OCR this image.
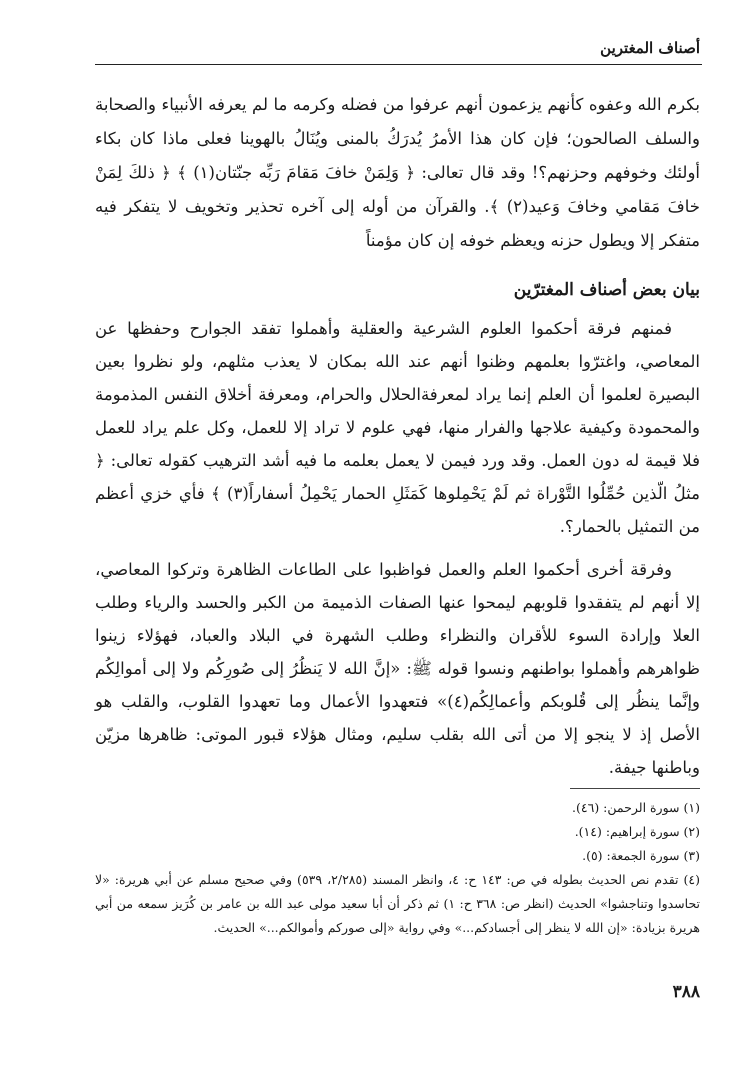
أصناف المغترين

بكرم الله وعفوه كأنهم يزعمون أنهم عرفوا من فضله وكرمه ما لم يعرفه الأنبياء والصحابة والسلف الصالحون؛ فإن كان هذا الأمرُ يُدرَكُ بالمنى ويُنَالُ بالهوينا فعلى ماذا كان بكاء أولئك وخوفهم وحزنهم؟! وقد قال تعالى: ﴿ وَلِمَنْ خافَ مَقامَ رَبِّه جنّتان(١) ﴾ ﴿ ذلكَ لِمَنْ خافَ مَقامي وخافَ وَعيد(٢) ﴾. والقرآن من أوله إلى آخره تحذير وتخويف لا يتفكر فيه متفكر إلا ويطول حزنه ويعظم خوفه إن كان مؤمناً

بيان بعض أصناف المغترّين

فمنهم فرقة أحكموا العلوم الشرعية والعقلية وأهملوا تفقد الجوارح وحفظها عن المعاصي، واغترّوا بعلمهم وظنوا أنهم عند الله بمكان لا يعذب مثلهم، ولو نظروا بعين البصيرة لعلموا أن العلم إنما يراد لمعرفةالحلال والحرام، ومعرفة أخلاق النفس المذمومة والمحمودة وكيفية علاجها والفرار منها، فهي علوم لا تراد إلا للعمل، وكل علم يراد للعمل فلا قيمة له دون العمل. وقد ورد فيمن لا يعمل بعلمه ما فيه أشد الترهيب كقوله تعالى: ﴿ مثلُ الّذين حُمِّلُوا التَّوْراة ثم لَمْ يَحْمِلوها كَمَثَلِ الحمار يَحْمِلُ أسفاراً(٣) ﴾ فأي خزي أعظم من التمثيل بالحمار؟.

وفرقة أخرى أحكموا العلم والعمل فواظبوا على الطاعات الظاهرة وتركوا المعاصي، إلا أنهم لم يتفقدوا قلوبهم ليمحوا عنها الصفات الذميمة من الكبر والحسد والرياء وطلب العلا وإرادة السوء للأقران والنظراء وطلب الشهرة في البلاد والعباد، فهؤلاء زينوا ظواهرهم وأهملوا بواطنهم ونسوا قوله ﷺ: «إنَّ الله لا يَنظُرُ إلى صُورِكُم ولا إلى أموالِكُم وإنَّما ينظُر إلى قُلوبكم وأعمالِكُم(٤)» فتعهدوا الأعمال وما تعهدوا القلوب، والقلب هو الأصل إذ لا ينجو إلا من أتى الله بقلب سليم، ومثال هؤلاء قبور الموتى: ظاهرها مزيّن وباطنها جيفة.

(١) سورة الرحمن: (٤٦).
(٢) سورة إبراهيم: (١٤).
(٣) سورة الجمعة: (٥).
(٤) تقدم نص الحديث بطوله في ص: ١٤٣ ح: ٤، وانظر المسند (٢/٢٨٥، ٥٣٩) وفي صحيح مسلم عن أبي هريرة: «لا تحاسدوا وتناجشوا» الحديث (انظر ص: ٣٦٨ ح: ١) ثم ذكر أن أبا سعيد مولى عبد الله بن عامر بن كُرَيز سمعه من أبي هريرة بزيادة: «إن الله لا ينظر إلى أجسادكم...» وفي رواية «إلى صوركم وأموالكم...» الحديث.
٣٨٨
